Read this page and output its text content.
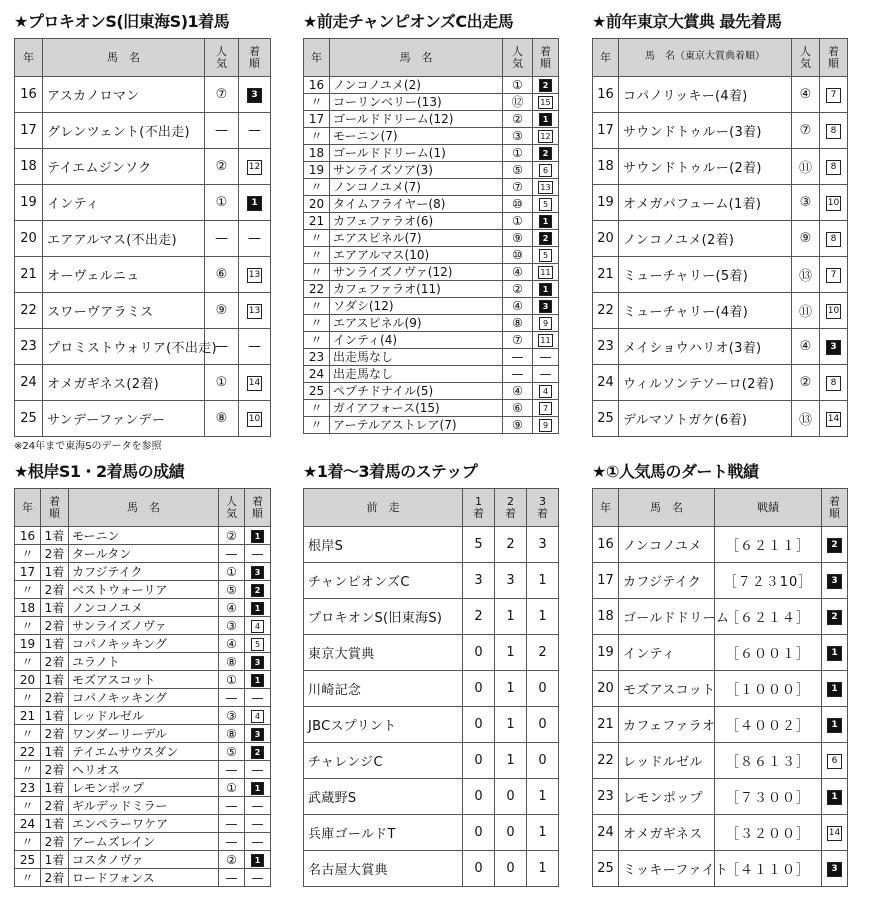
★プロキオンS(旧東海S)1着馬
年	馬　名	人気	着順
16	アスカノロマン	⑦	3
17	グレンツェント(不出走)	—	—
18	テイエムジンソク	②	12
19	インティ	①	1
20	エアアルマス(不出走)	—	—
21	オーヴェルニュ	⑥	13
22	スワーヴアラミス	⑨	13
23	プロミストウォリア(不出走)	—	—
24	オメガギネス(2着)	①	14
25	サンデーファンデー	⑧	10
※24年まで東海Sのデータを参照
★前走チャンピオンズC出走馬
年	馬　名	人気	着順
16	ノンコノユメ(2)	①	2
〃	コーリンベリー(13)	⑫	15
17	ゴールドドリーム(12)	②	1
〃	モーニン(7)	③	12
18	ゴールドドリーム(1)	①	2
19	サンライズソア(3)	⑤	6
〃	ノンコノユメ(7)	⑦	13
20	タイムフライヤー(8)	⑩	5
21	カフェファラオ(6)	①	1
〃	エアスピネル(7)	⑨	2
〃	エアアルマス(10)	⑩	5
〃	サンライズノヴァ(12)	④	11
22	カフェファラオ(11)	②	1
〃	ソダシ(12)	④	3
〃	エアスピネル(9)	⑧	9
〃	インティ(4)	⑦	11
23	出走馬なし	—	—
24	出走馬なし	—	—
25	ペプチドナイル(5)	④	4
〃	ガイアフォース(15)	⑥	7
〃	アーテルアストレア(7)	⑨	9
★前年東京大賞典 最先着馬
年	馬　名（東京大賞典着順）	人気	着順
16	コパノリッキー(4着)	④	7
17	サウンドトゥルー(3着)	⑦	8
18	サウンドトゥルー(2着)	⑪	8
19	オメガパフューム(1着)	③	10
20	ノンコノユメ(2着)	⑨	8
21	ミューチャリー(5着)	⑬	7
22	ミューチャリー(4着)	⑪	10
23	メイショウハリオ(3着)	④	3
24	ウィルソンテソーロ(2着)	②	8
25	デルマソトガケ(6着)	⑬	14
★根岸S1・2着馬の成績
年	着順	馬　名	人気	着順
16	1着	モーニン	②	1
〃	2着	タールタン	—	—
17	1着	カフジテイク	①	3
〃	2着	ベストウォーリア	⑤	2
18	1着	ノンコノユメ	④	1
〃	2着	サンライズノヴァ	③	4
19	1着	コパノキッキング	④	5
〃	2着	ユラノト	⑧	3
20	1着	モズアスコット	①	1
〃	2着	コパノキッキング	—	—
21	1着	レッドルゼル	③	4
〃	2着	ワンダーリーデル	⑧	3
22	1着	テイエムサウスダン	⑤	2
〃	2着	ヘリオス	—	—
23	1着	レモンポップ	①	1
〃	2着	ギルデッドミラー	—	—
24	1着	エンペラーワケア	—	—
〃	2着	アームズレイン	—	—
25	1着	コスタノヴァ	②	1
〃	2着	ロードフォンス	—	—
★1着～3着馬のステップ
前　走	1着	2着	3着
根岸S	5	2	3
チャンピオンズC	3	3	1
プロキオンS(旧東海S)	2	1	1
東京大賞典	0	1	2
川崎記念	0	1	0
JBCスプリント	0	1	0
チャレンジC	0	1	0
武蔵野S	0	0	1
兵庫ゴールドT	0	0	1
名古屋大賞典	0	0	1
★①人気馬のダート戦績
年	馬　名	戦績	着順
16	ノンコノユメ	［６２１１］	2
17	カフジテイク	［７２３10］	3
18	ゴールドドリーム	［６２１４］	2
19	インティ	［６００１］	1
20	モズアスコット	［１０００］	1
21	カフェファラオ	［４００２］	1
22	レッドルゼル	［８６１３］	6
23	レモンポップ	［７３００］	1
24	オメガギネス	［３２００］	14
25	ミッキーファイト	［４１１０］	3
